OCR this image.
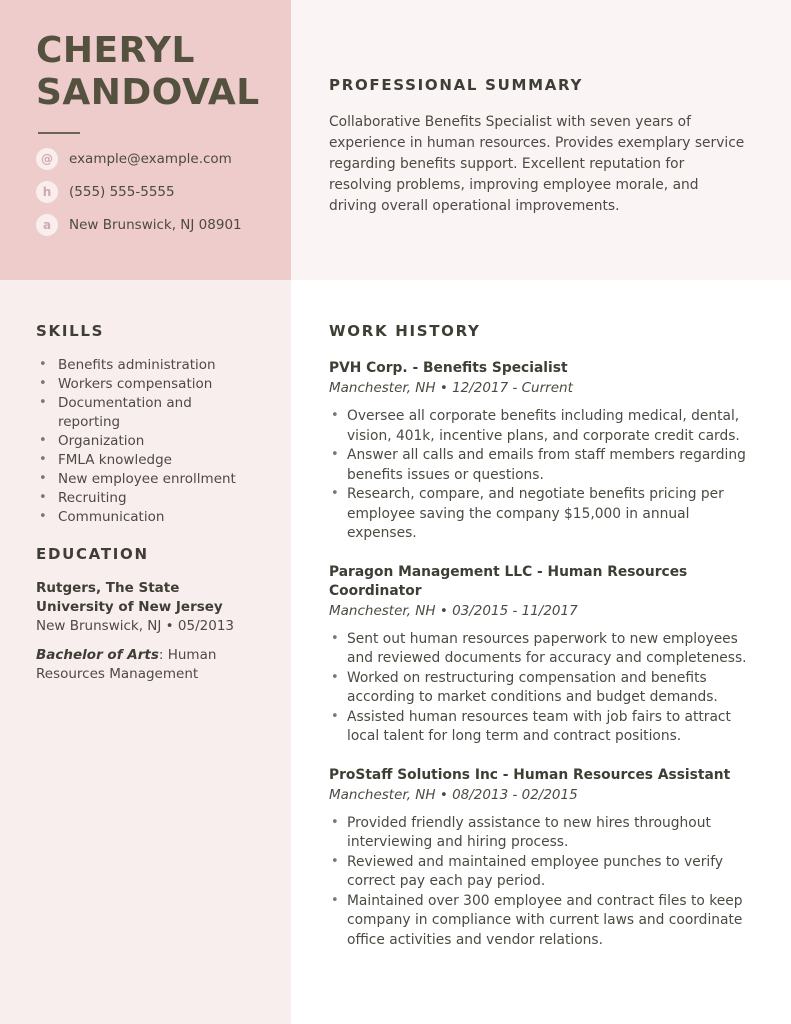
CHERYL
SANDOVAL
@	example@example.com
h	(555) 555-5555
a	New Brunswick, NJ 08901
SKILLS
• Benefits administration
• Workers compensation
• Documentation and reporting
• Organization
• FMLA knowledge
• New employee enrollment
• Recruiting
• Communication
EDUCATION
Rutgers, The State University of New Jersey
New Brunswick, NJ • 05/2013
Bachelor of Arts: Human Resources Management
PROFESSIONAL SUMMARY
Collaborative Benefits Specialist with seven years of experience in human resources. Provides exemplary service regarding benefits support. Excellent reputation for resolving problems, improving employee morale, and driving overall operational improvements.
WORK HISTORY
PVH Corp. - Benefits Specialist
Manchester, NH • 12/2017 - Current
• Oversee all corporate benefits including medical, dental, vision, 401k, incentive plans, and corporate credit cards.
• Answer all calls and emails from staff members regarding benefits issues or questions.
• Research, compare, and negotiate benefits pricing per employee saving the company $15,000 in annual expenses.
Paragon Management LLC - Human Resources Coordinator
Manchester, NH • 03/2015 - 11/2017
• Sent out human resources paperwork to new employees and reviewed documents for accuracy and completeness.
• Worked on restructuring compensation and benefits according to market conditions and budget demands.
• Assisted human resources team with job fairs to attract local talent for long term and contract positions.
ProStaff Solutions Inc - Human Resources Assistant
Manchester, NH • 08/2013 - 02/2015
• Provided friendly assistance to new hires throughout interviewing and hiring process.
• Reviewed and maintained employee punches to verify correct pay each pay period.
• Maintained over 300 employee and contract files to keep company in compliance with current laws and coordinate office activities and vendor relations.
